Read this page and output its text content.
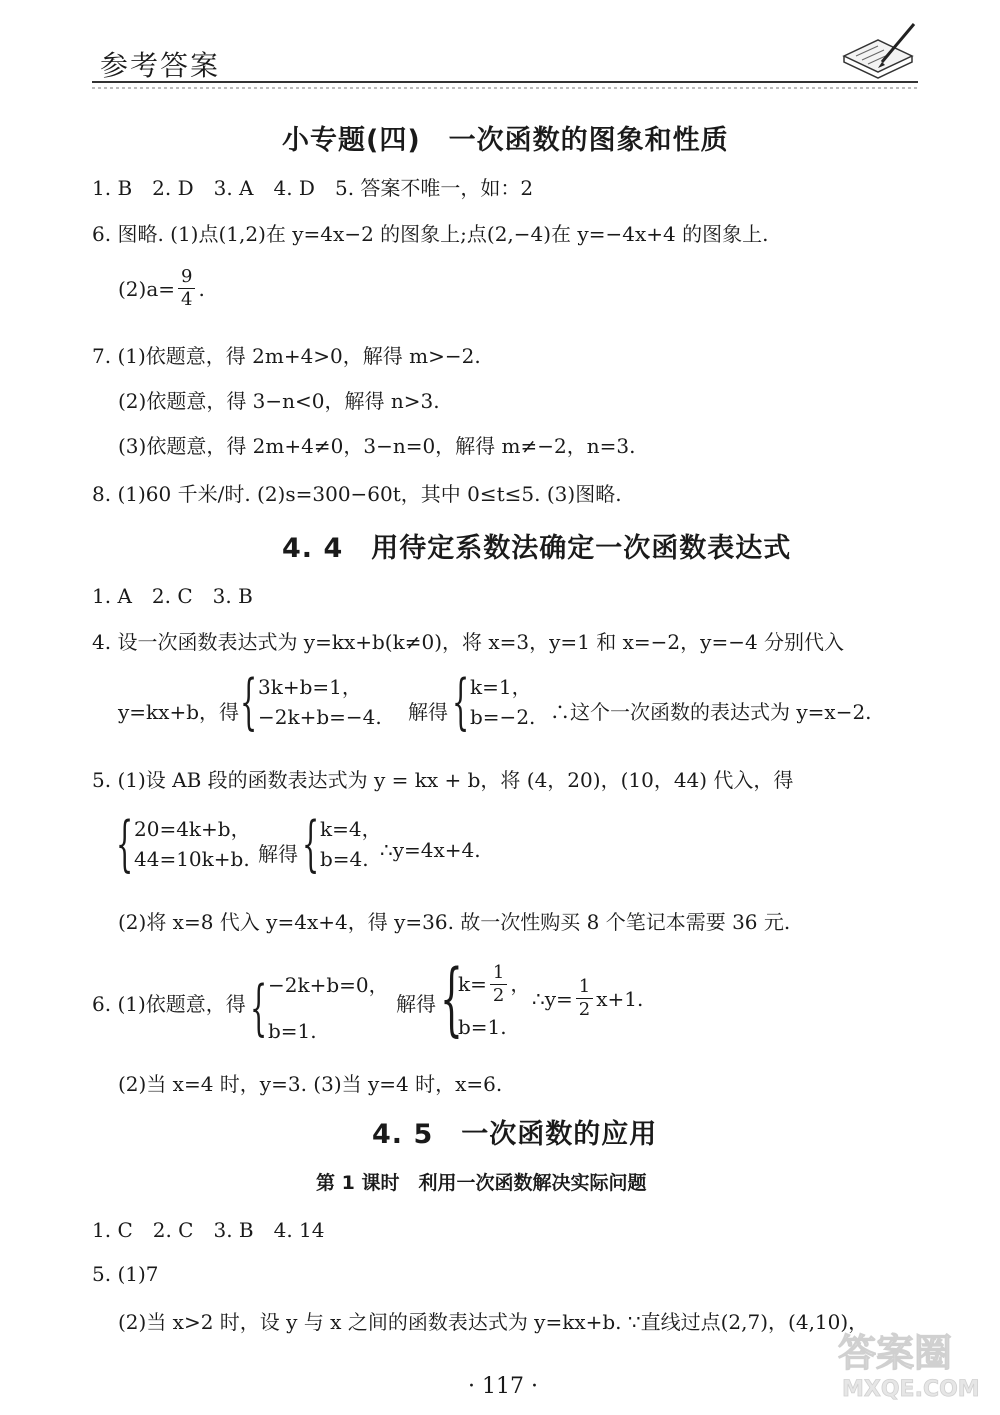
参考答案
小专题(四)　一次函数的图象和性质
1. B　2. D　3. A　4. D　5. 答案不唯一，如：2
6. 图略. (1)点(1,2)在 y=4x−2 的图象上;点(2,−4)在 y=−4x+4 的图象上.
$(2)a= \frac{9}{4}$ .
7. (1)依题意，得 2m+4>0，解得 m>−2.
(2)依题意，得 3−n<0，解得 n>3.
(3)依题意，得 2m+4≠0，3−n=0，解得 m≠−2，n=3.
8. (1)60 千米/时. (2)s=300−60t，其中 0≤t≤5. (3)图略.
4. 4　用待定系数法确定一次函数表达式
1. A　2. C　3. B
4. 设一次函数表达式为 y=kx+b(k≠0)，将 x=3，y=1 和 x=−2，y=−4 分别代入
y=kx+b，得 { 3k+b=1，
−2k+b=−4. 解得 { k=1，
b=−2. ∴这个一次函数的表达式为 y=x−2.
5. (1)设 AB 段的函数表达式为 y = kx + b，将 (4，20)，(10，44) 代入，得
{ 20=4k+b，
44=10k+b. 解得 { k=4，
b=4. ∴y=4x+4.
(2)将 x=8 代入 y=4x+4，得 y=36. 故一次性购买 8 个笔记本需要 36 元.
6. (1)依题意，得 { −2k+b=0，
b=1.
解得 {
$k= \frac{1}{2}$ ，
b=1.
∴y= $\frac{1}{2} x+1$.
(2)当 x=4 时，y=3. (3)当 y=4 时，x=6.
4. 5　一次函数的应用
第 1 课时　利用一次函数解决实际问题
1. C　2. C　3. B　4. 14
5. (1)7
(2)当 x>2 时，设 y 与 x 之间的函数表达式为 y=kx+b. ∵直线过点(2,7)，(4,10)，
· 117 ·
答案圈
MXQE.COM
